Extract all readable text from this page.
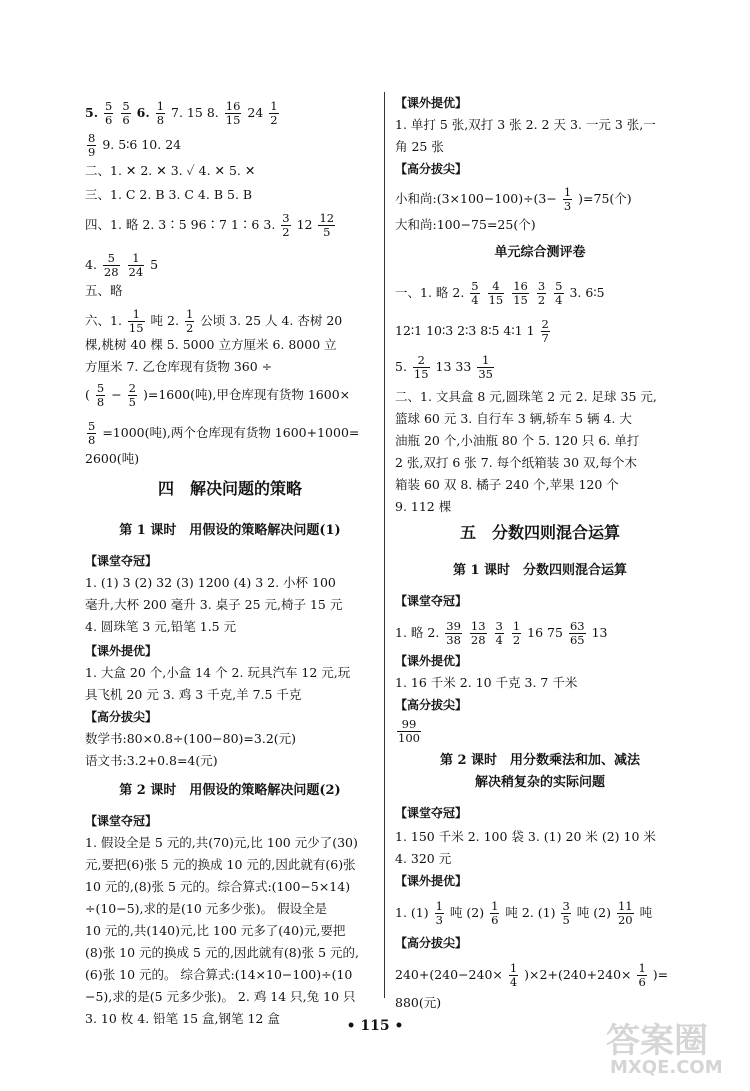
5. $\frac{5}{6}$
$\frac{5}{6} 6$. $\frac{1}{8} 7$. 15 8. $\frac{16}{15} 24 \frac{1}{2}$
$\frac{8}{9} 9$. 5∶6 10. 24
二、1. ✕ 2. ✕ 3. ✓ 4. ✕ 5. ✕
三、1. C 2. B 3. C 4. B 5. B
四、1. 略 2. 3∶5 96∶7 1∶6 3. $\frac{3}{2} 12 \frac{12}{5}$
4. $\frac{5}{28}$
$\frac{1}{24} 5$
五、略
六、1. $\frac{1}{15}$ 吨 2. $\frac{1}{2}$ 公顷 3. 25 人 4. 杏树 20
棵,桃树 40 棵 5. 5000 立方厘米 6. 8000 立
方厘米 7. 乙仓库现有货物 360 ÷
( $\frac{5}{8} - \frac{2}{5} )=1600$(吨),甲仓库现有货物 1600×
$\frac{5}{8} =1000$(吨),两个仓库现有货物 1600+1000=
2600(吨)
四　解决问题的策略
第 1 课时　用假设的策略解决问题(1)
【课堂夺冠】
1. (1) 3 (2) 32 (3) 1200 (4) 3 2. 小杯 100
毫升,大杯 200 毫升 3. 桌子 25 元,椅子 15 元
4. 圆珠笔 3 元,铅笔 1.5 元
【课外提优】
1. 大盒 20 个,小盒 14 个 2. 玩具汽车 12 元,玩
具飞机 20 元 3. 鸡 3 千克,羊 7.5 千克
【高分拔尖】
数学书:80×0.8÷(100−80)=3.2(元)
语文书:3.2+0.8=4(元)
第 2 课时　用假设的策略解决问题(2)
【课堂夺冠】
1. 假设全是 5 元的,共(70)元,比 100 元少了(30)
元,要把(6)张 5 元的换成 10 元的,因此就有(6)张
10 元的,(8)张 5 元的。综合算式:(100−5×14)
÷(10−5),求的是(10 元多少张)。 假设全是
10 元的,共(140)元,比 100 元多了(40)元,要把
(8)张 10 元的换成 5 元的,因此就有(8)张 5 元的,
(6)张 10 元的。 综合算式:(14×10−100)÷(10
−5),求的是(5 元多少张)。 2. 鸡 14 只,兔 10 只
3. 10 枚 4. 铅笔 15 盒,钢笔 12 盒
【课外提优】
1. 单打 5 张,双打 3 张 2. 2 天 3. 一元 3 张,一
角 25 张
【高分拔尖】
小和尚:(3×100−100)÷(3− $\frac{1}{3} )=75$(个)
大和尚:100−75=25(个)
单元综合测评卷
一、1. 略 2. $\frac{5}{4}$
$\frac{4}{15}$
$\frac{16}{15}$
$\frac{3}{2}$
$\frac{5}{4} 3$. 6∶5
12∶1 10∶3 2∶3 8∶5 4∶1 $1 \frac{2}{7}$
5. $\frac{2}{15} 13$ $33 \frac{1}{35}$
二、1. 文具盒 8 元,圆珠笔 2 元 2. 足球 35 元,
篮球 60 元 3. 自行车 3 辆,轿车 5 辆 4. 大
油瓶 20 个,小油瓶 80 个 5. 120 只 6. 单打
2 张,双打 6 张 7. 每个纸箱装 30 双,每个木
箱装 60 双 8. 橘子 240 个,苹果 120 个
9. 112 棵
五　分数四则混合运算
第 1 课时　分数四则混合运算
【课堂夺冠】
1. 略 2. $\frac{39}{38}$
$\frac{13}{28}$
$\frac{3}{4}$
$\frac{1}{2} 16$ $75 \frac{63}{65} 13$
【课外提优】
1. 16 千米 2. 10 千克 3. 7 千米
【高分拔尖】
$\frac{99}{100}$
第 2 课时　用分数乘法和加、减法
解决稍复杂的实际问题
【课堂夺冠】
1. 150 千米 2. 100 袋 3. (1) 20 米 (2) 10 米
4. 320 元
【课外提优】
1. $(1) \frac{1}{3}$ 吨 $(2) \frac{1}{6}$ 吨 2. $(1) \frac{3}{5}$ 吨 $(2) \frac{11}{20}$ 吨
【高分拔尖】
$240+(240-240\times \frac{1}{4} )\times 2+(240+240\times \frac{1}{6}$ )=
880(元)
• 115 •	答案圈
MXQE.COM
